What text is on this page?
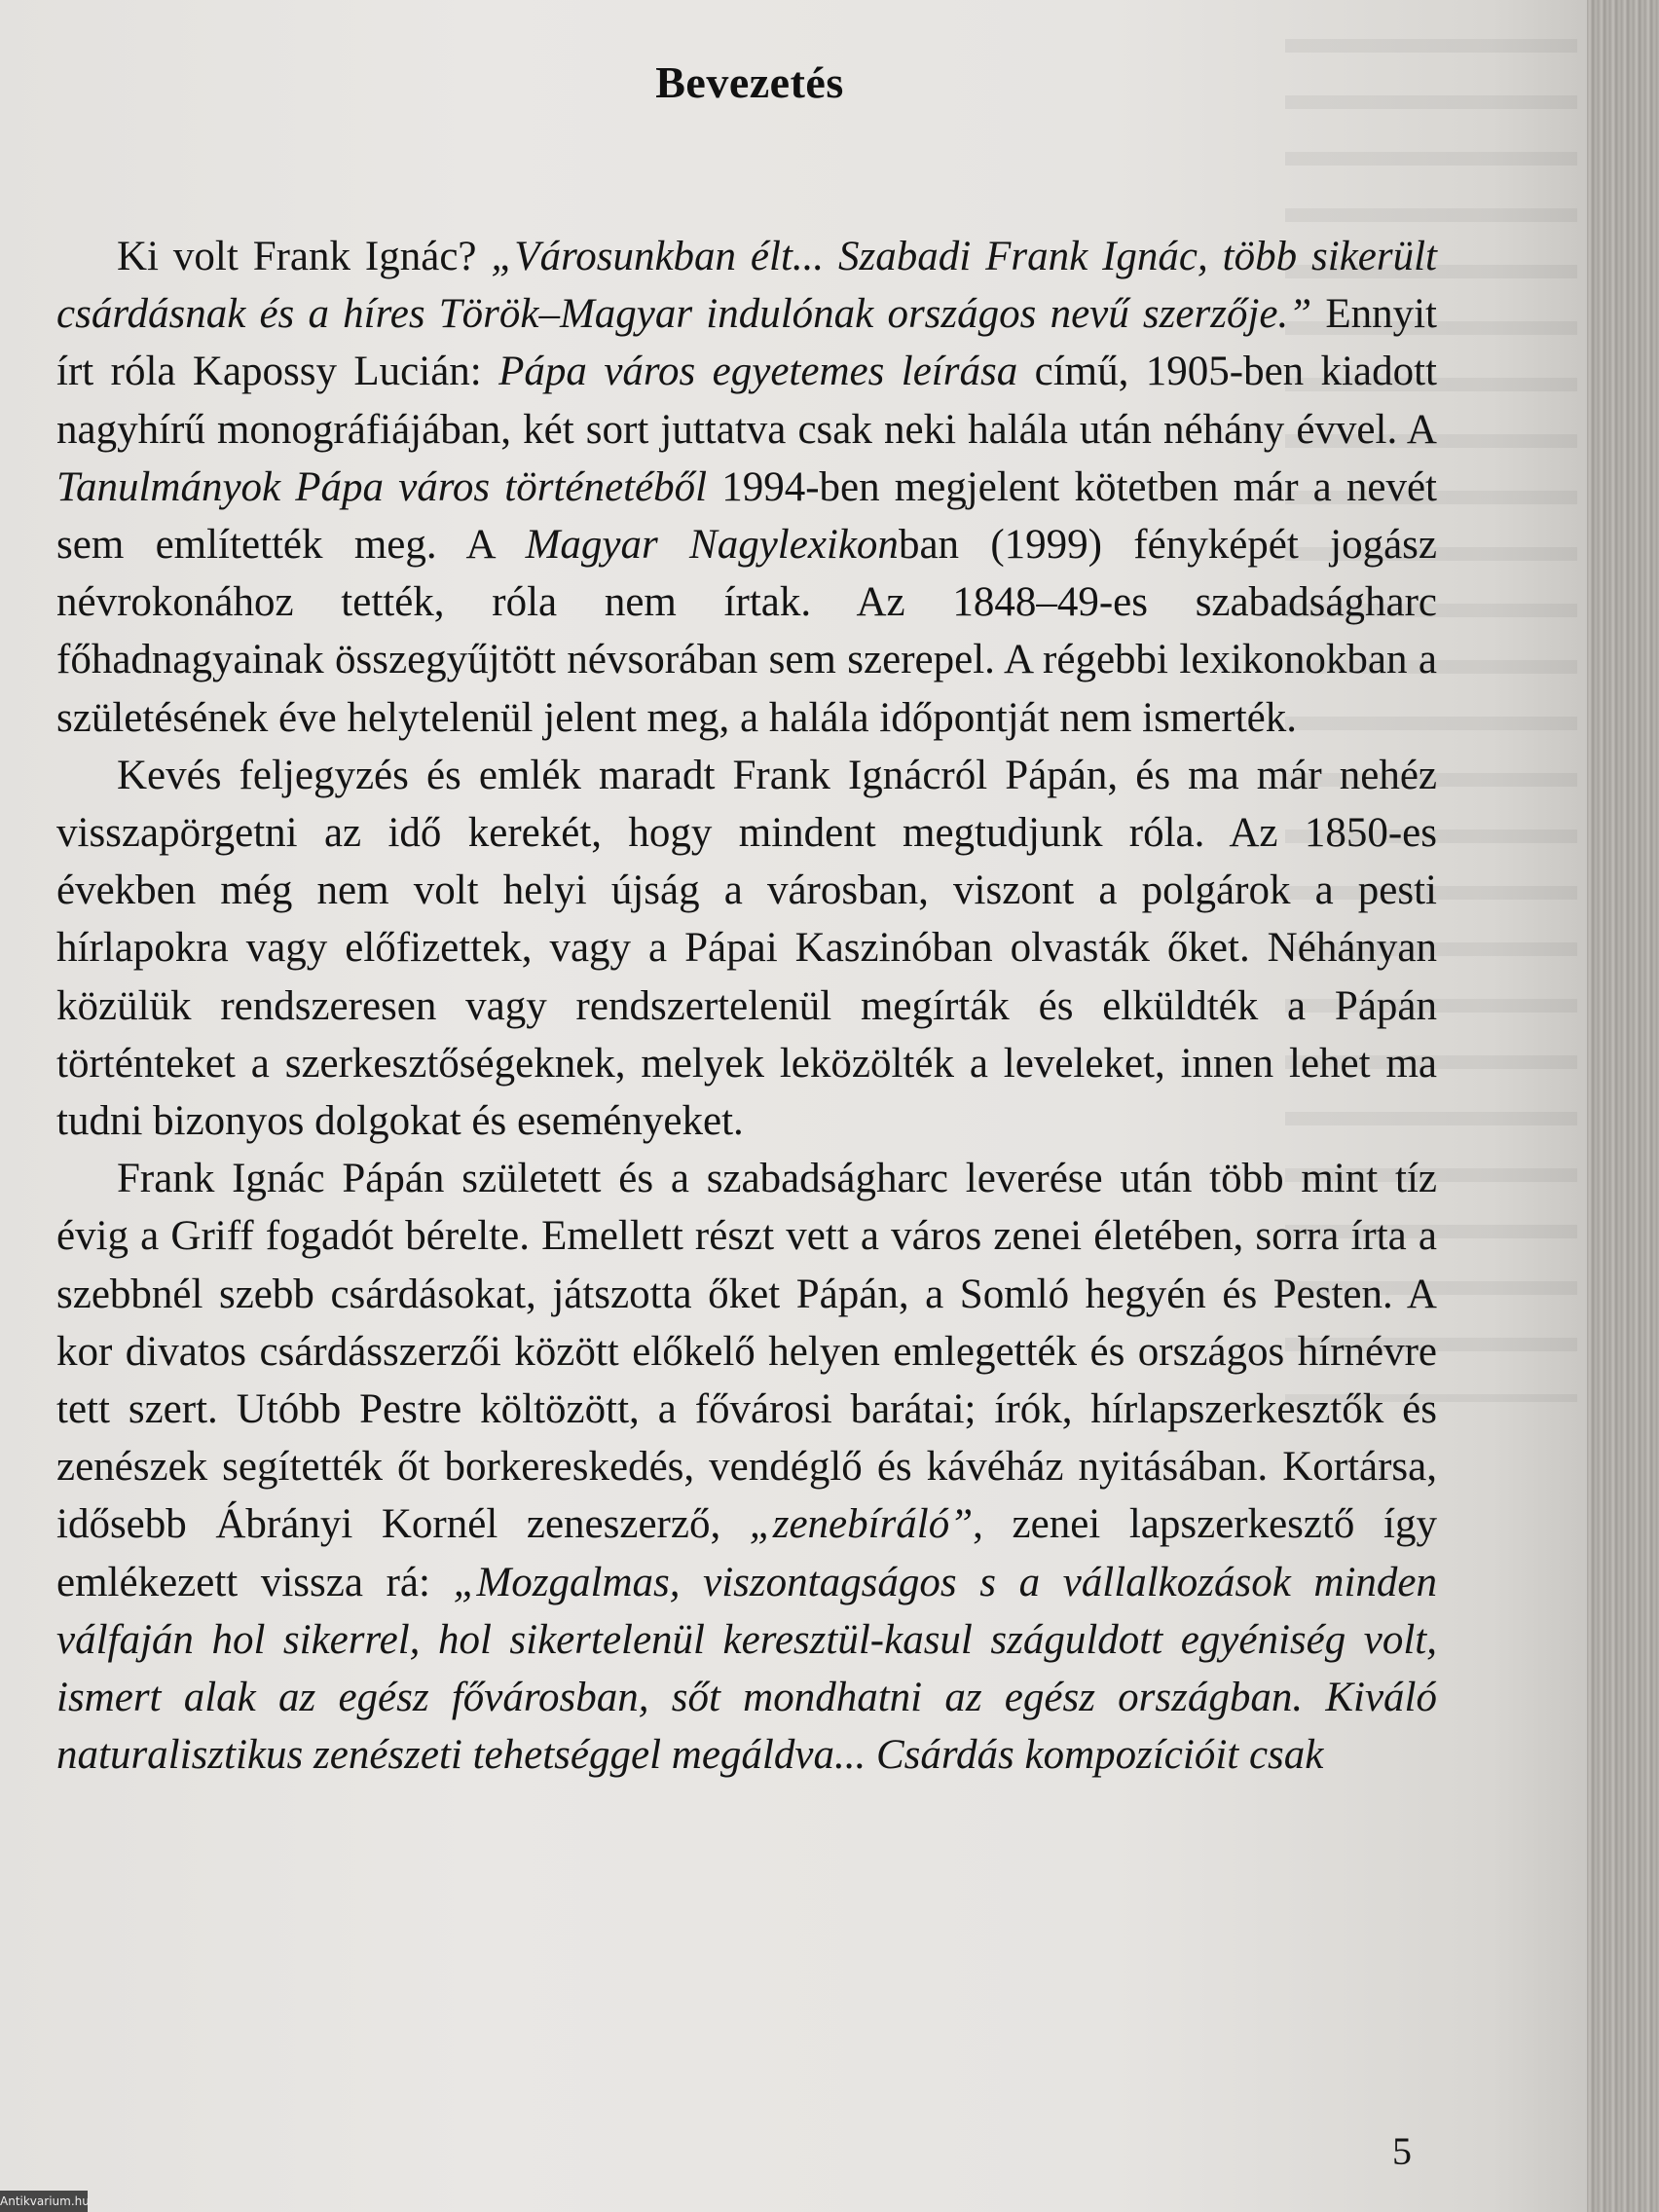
Bevezetés

Ki volt Frank Ignác? „Városunkban élt... Szabadi Frank Ignác, több sikerült csárdásnak és a híres Török–Magyar indulónak országos nevű szerzője.” Ennyit írt róla Kapossy Lucián: Pápa város egyetemes leírása című, 1905-ben kiadott nagyhírű monográfiájában, két sort juttatva csak neki halála után néhány évvel. A Tanulmányok Pápa város történetéből 1994-ben megjelent kötetben már a nevét sem említették meg. A Magyar Nagylexikonban (1999) fényképét jogász névrokonához tették, róla nem írtak. Az 1848–49-es szabadságharc főhadnagyainak összegyűjtött névsorában sem szerepel. A régebbi lexikonokban a születésének éve helytelenül jelent meg, a halála időpontját nem ismerték.

Kevés feljegyzés és emlék maradt Frank Ignácról Pápán, és ma már nehéz visszapörgetni az idő kerekét, hogy mindent megtudjunk róla. Az 1850-es években még nem volt helyi újság a városban, viszont a polgárok a pesti hírlapokra vagy előfizettek, vagy a Pápai Kaszinóban olvasták őket. Néhányan közülük rendszeresen vagy rendszertelenül megírták és elküldték a Pápán történteket a szerkesztőségeknek, melyek leközölték a leveleket, innen lehet ma tudni bizonyos dolgokat és eseményeket.

Frank Ignác Pápán született és a szabadságharc leverése után több mint tíz évig a Griff fogadót bérelte. Emellett részt vett a város zenei életében, sorra írta a szebbnél szebb csárdásokat, játszotta őket Pápán, a Somló hegyén és Pesten. A kor divatos csárdásszerzői között előkelő helyen emlegették és országos hírnévre tett szert. Utóbb Pestre költözött, a fővárosi barátai; írók, hírlapszerkesztők és zenészek segítették őt borkereskedés, vendéglő és kávéház nyitásában. Kortársa, idősebb Ábrányi Kornél zeneszerző, „zenebíráló”, zenei lapszerkesztő így emlékezett vissza rá: „Mozgalmas, viszontagságos s a vállalkozások minden válfaján hol sikerrel, hol sikertelenül keresztül-kasul száguldott egyéniség volt, ismert alak az egész fővárosban, sőt mondhatni az egész országban. Kiváló naturalisztikus zenészeti tehetséggel megáldva... Csárdás kompozícióit csak

5

Antikvarium.hu
